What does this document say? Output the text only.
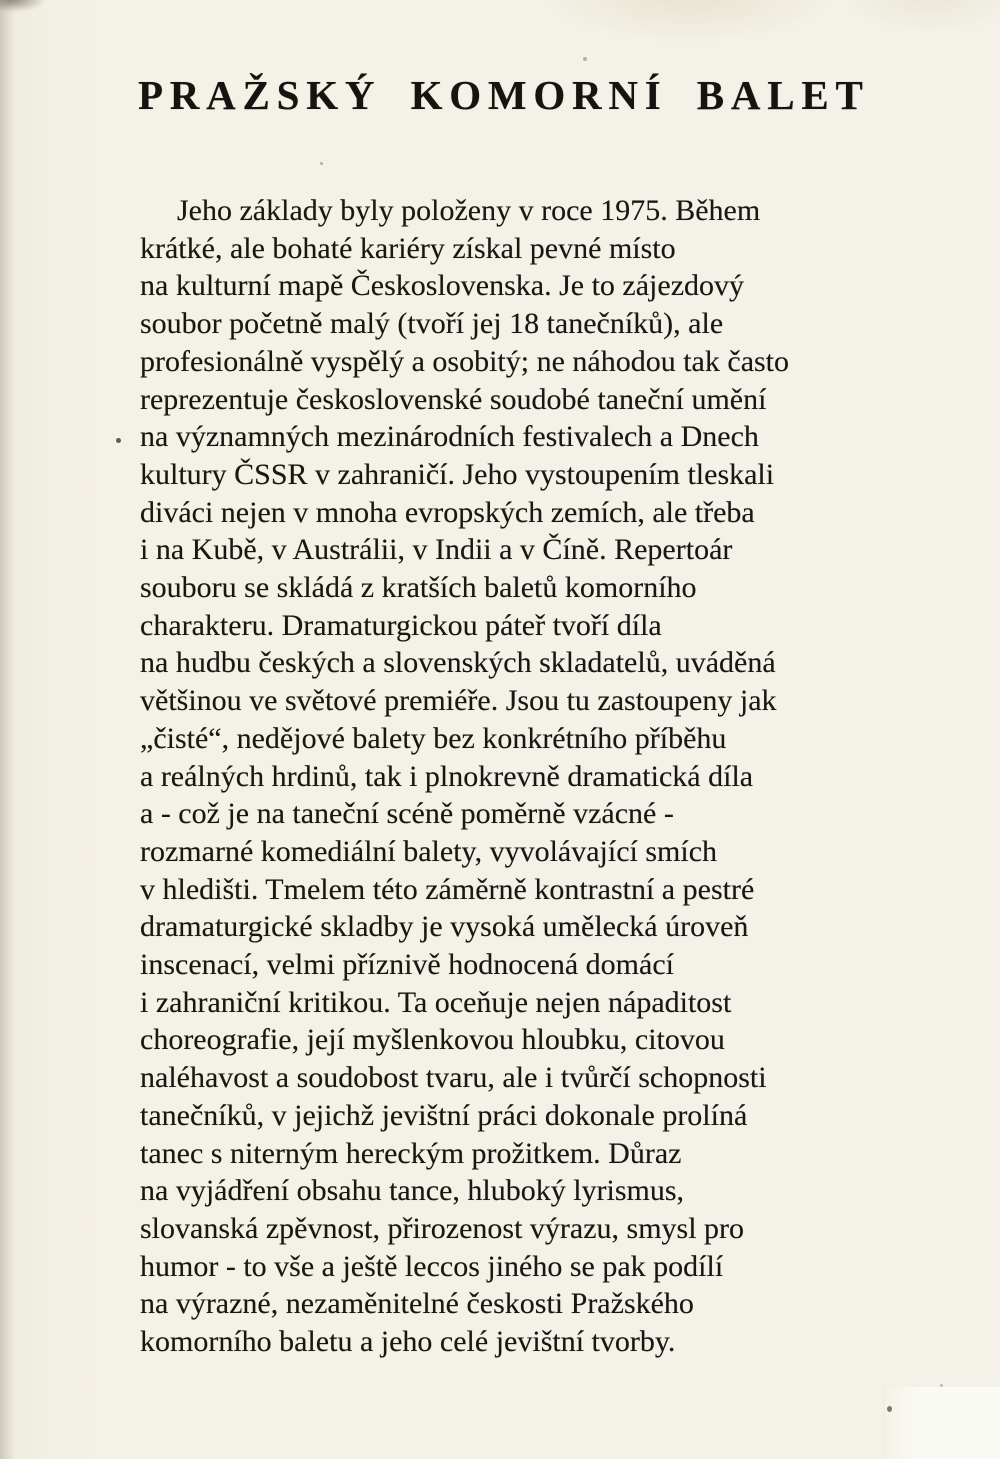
PRAŽSKÝ KOMORNÍ BALET
Jeho základy byly položeny v roce 1975. Během
krátké, ale bohaté kariéry získal pevné místo
na kulturní mapě Československa. Je to zájezdový
soubor početně malý (tvoří jej 18 tanečníků), ale
profesionálně vyspělý a osobitý; ne náhodou tak často
reprezentuje československé soudobé taneční umění
na významných mezinárodních festivalech a Dnech
kultury ČSSR v zahraničí. Jeho vystoupením tleskali
diváci nejen v mnoha evropských zemích, ale třeba
i na Kubě, v Austrálii, v Indii a v Číně. Repertoár
souboru se skládá z kratších baletů komorního
charakteru. Dramaturgickou páteř tvoří díla
na hudbu českých a slovenských skladatelů, uváděná
většinou ve světové premiéře. Jsou tu zastoupeny jak
„čisté“, nedějové balety bez konkrétního příběhu
a reálných hrdinů, tak i plnokrevně dramatická díla
a - což je na taneční scéně poměrně vzácné -
rozmarné komediální balety, vyvolávající smích
v hledišti. Tmelem této záměrně kontrastní a pestré
dramaturgické skladby je vysoká umělecká úroveň
inscenací, velmi příznivě hodnocená domácí
i zahraniční kritikou. Ta oceňuje nejen nápaditost
choreografie, její myšlenkovou hloubku, citovou
naléhavost a soudobost tvaru, ale i tvůrčí schopnosti
tanečníků, v jejichž jevištní práci dokonale prolíná
tanec s niterným hereckým prožitkem. Důraz
na vyjádření obsahu tance, hluboký lyrismus,
slovanská zpěvnost, přirozenost výrazu, smysl pro
humor - to vše a ještě leccos jiného se pak podílí
na výrazné, nezaměnitelné českosti Pražského
komorního baletu a jeho celé jevištní tvorby.
